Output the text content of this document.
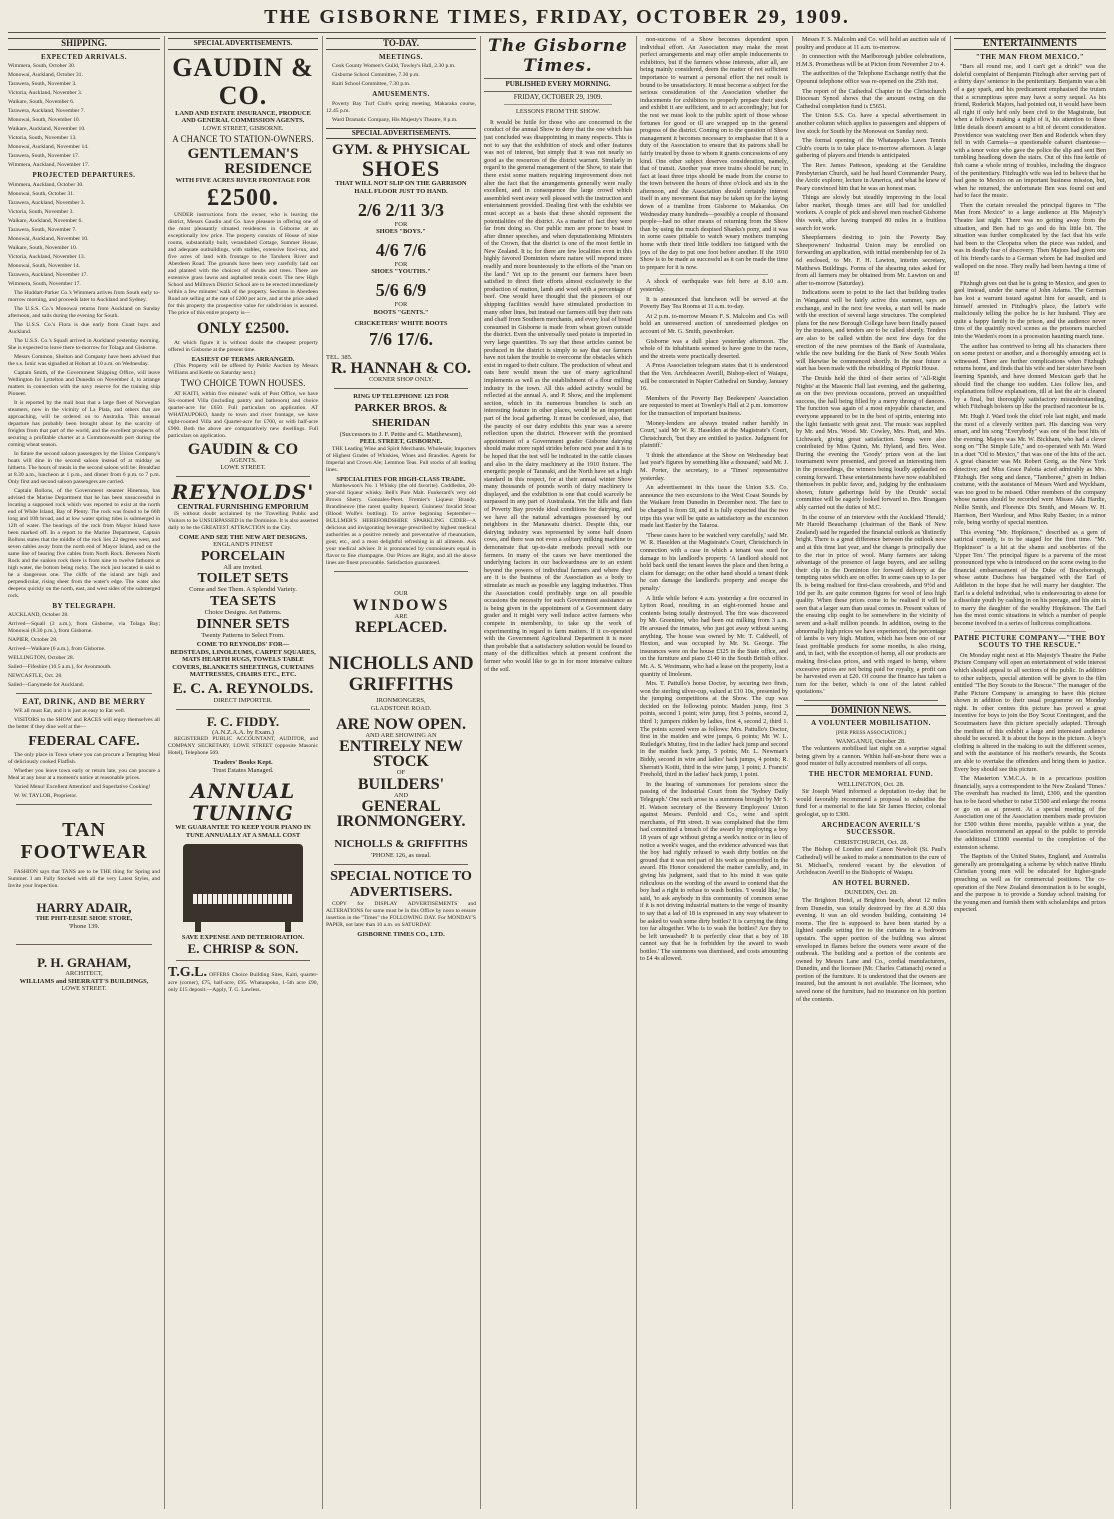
THE GISBORNE TIMES, FRIDAY, OCTOBER 29, 1909.
SHIPPING.
EXPECTED ARRIVALS.

Wimmera, South, October 30.

Monowai, Auckland, October 31.

Tarawera, South, November 3.

Victoria, Auckland, November 3.

Waikare, South, November 6.

Tarawera, Auckland, November 7.

Monowai, South, November 10.

Waikare, Auckland, November 10.

Victoria, South, November 13.

Monowai, Auckland, November 14.

Tarawera, South, November 17.

Wimmera, Auckland, November 17.

PROJECTED DEPARTURES.

Wimmera, Auckland, October 30.

Monowai, South, October 31.

Tarawera, Auckland, November 3.

Victoria, South, November 3.

Waikare, Auckland, November 6.

Tarawera, South, November 7.

Monowai, Auckland, November 10.

Waikare, South, November 10.

Victoria, Auckland, November 13.

Monowai, South, November 14.

Tarawera, Auckland, November 17.

Wimmera, South, November 17.

The Huddart-Parker Co.'s Wimmera arrives from South early to-morrow morning, and proceeds later to Auckland and Sydney.

The U.S.S. Co.'s Monowai returns from Auckland on Sunday afternoon, and sails during the evening for South.

The U.S.S. Co.'s Flora is due early from Coast bays and Auckland.

The U.S.S. Co.'s Squall arrived in Auckland yesterday morning. She is expected to leave there to-morrow for Tolaga and Gisborne.

Messrs Common, Shelton and Company have been advised that the s.s. Ionic was signalled at Hobart at 10 a.m. on Wednesday.

Captain Smith, of the Government Shipping Office, will leave Wellington for Lyttelton and Dunedin on November 4, to arrange matters in connection with the navy reserve for the training ship Pioneer.

It is reported by the mail boat that a large fleet of Norwegian steamers, now in the vicinity of La Plata, and others that are approaching, will be ordered on to Australia. This unusual departure has probably been brought about by the scarcity of freights from that part of the world, and the excellent prospects of securing a profitable charter at a Commonwealth port during the coming wheat season.

In future the second saloon passengers by the Union Company's boats will dine in the second saloon instead of at midday as hitherto. The hours of meals in the second saloon will be: Breakfast at 8.30 a.m., luncheon at 1 p.m., and dinner from 6 p.m. to 7 p.m. Only first and second saloon passengers are carried.

Captain Bollons, of the Government steamer Hinemoa, has advised the Marine Department that he has been unsuccessful in locating a supposed rock which was reported to exist at the north end of White Island, Bay of Plenty. The rock was found to be 66ft long and 10ft broad, and at low water spring tides is submerged in 12ft of water. The bearings of the rock from Mayor Island have been marked off. In a report to the Marine Department, Captain Bollons states that the middle of the rock lies 22 degrees west, and seven cables away from the north end of Mayor Island, and on the same line of bearing five cables from North Rock. Between North Rock and the sunken rock there is from nine to twelve fathoms at high water, the bottom being rocky. The rock just located is said to be a dangerous one. The cliffs of the island are high and perpendicular, rising sheer from the water's edge. The water also deepens quickly on the north, east, and west sides of the submerged rock.

BY TELEGRAPH.

AUCKLAND, October 28.

Arrived—Squall (3 a.m.), from Gisborne, via Tolaga Bay; Monowai (8.30 p.m.), from Gisborne.

NAPIER, October 28.

Arrived—Waikare (6 a.m.), from Gisborne.

WELLINGTON, October 28.

Sailed—Fifeshire (10.5 a.m.), for Avonmouth.

NEWCASTLE, Oct. 28.

Sailed—Ganymede for Auckland.

EAT, DRINK, AND BE MERRY

WE all must Eat, and it is just as easy to Eat well.

VISITORS to the SHOW and RACES will enjoy themselves all the better if they dine well at the—

FEDERAL CAFE.

The only place in Town where you can procure a Tempting Meal of deliciously cooked Flatfish.

Whether you leave town early or return late, you can procure a Meal at any hour at a moment's notice at reasonable prices.

Varied Menu! Excellent Attention! and Superlative Cooking!

W. W. TAYLOR, Proprietor.

TAN
FOOTWEAR

FASHION says that TANS are to be THE thing for Spring and Summer. I am Fully Stocked with all the very Latest Styles, and Invite your Inspection.

HARRY ADAIR,
THE PHIT-EESIE SHOE STORE,
'Phone 139.
P. H. GRAHAM,
ARCHITECT,
WILLIAMS and SHERRATT'S BUILDINGS,
LOWE STREET.
SPECIAL ADVERTISEMENTS.
GAUDIN & CO.
LAND AND ESTATE INSURANCE, PRODUCE AND GENERAL COMMISSION AGENTS.
LOWE STREET, GISBORNE.
A CHANCE TO STATION-OWNERS.
GENTLEMAN'S
RESIDENCE
WITH FIVE ACRES RIVER FRONTAGE FOR
£2500.

UNDER instructions from the owner, who is leaving the district, Messrs Gaudin and Co. have pleasure in offering one of the most pleasantly situated residences in Gisborne at an exceptionally low price. The property consists of House of nine rooms, substantially built, verandahed Cottage, Summer House, and adequate outbuildings, with stables, extensive fowl-run, and five acres of land with frontage to the Taruheru River and Aberdeen Road. The grounds have been very carefully laid out and planted with the choicest of shrubs and trees. There are extensive grass lawns and asphalted tennis court. The new High School and Milltown District School are to be erected immediately within a few minutes' walk of the property. Sections in Aberdeen Road are selling at the rate of £200 per acre, and at the price asked for this property the prospective value for subdivision is assured. The price of this entire property is—

ONLY £2500.

At which figure it is without doubt the cheapest property offered in Gisborne at the present time.

EASIEST OF TERMS ARRANGED.

(This Property will be offered by Public Auction by Messrs Williams and Kettle on Saturday next.)

TWO CHOICE TOWN HOUSES.

AT KAITI, within five minutes' walk of Post Office, we have Six-roomed Villa (including pantry and bathroom) and choice quarter-acre for £650. Full particulars on application. AT WHATAUPOKO, handy to town and river frontage, we have eight-roomed Villa and Quarter-acre for £700, or with half-acre £900. Both the above are comparatively new dwellings. Full particulars on application.

GAUDIN & CO
AGENTS.
LOWE STREET.
REYNOLDS'
CENTRAL FURNISHING EMPORIUM

IS without doubt acclaimed by the Travelling Public and Visitors to be UNSURPASSED in the Dominion. It is also asserted daily to be the GREATEST ATTRACTION in the City.

COME AND SEE THE NEW ART DESIGNS.
ENGLAND'S FINEST
PORCELAIN
All are invited.
TOILET SETS
Come and See Them. A Splendid Variety.
TEA SETS
Choice Designs. Art Patterns.
DINNER SETS
Twenty Patterns to Select From.
COME TO REYNOLDS' FOR—
BEDSTEADS, LINOLEUMS, CARPET SQUARES, MATS HEARTH RUGS, TOWELS TABLE COVERS, BLANKETS SHEETINGS, CURTAINS MATTRESSES, CHAIRS ETC., ETC.
E. C. A. REYNOLDS.
DIRECT IMPORTER.
F. C. FIDDY.
(A.N.Z.A.A. by Exam.)

REGISTERED PUBLIC ACCOUNTANT, AUDITOR, and COMPANY SECRETARY, LOWE STREET (opposite Masonic Hotel), Telephone 569.

Traders' Books Kept.
Trust Estates Managed.
ANNUAL
TUNING
WE GUARANTEE TO KEEP YOUR PIANO IN TUNE ANNUALLY AT A SMALL COST
SAVE EXPENSE AND DETERIORATION.
E. CHRISP & SON.
T.G.L. OFFERS Choice Building Sites, Kaiti, quarter-acre (corner), £75, half-acre, £95. Whataupoko, 1-5th acre £90, only £15 deposit.—Apply, T. G. Lawless.
TO-DAY.
MEETINGS.

Cook County Women's Guild, Towley's Hall, 2.30 p.m.

Gisborne School Committee, 7.30 p.m.

Kaiti School Committee, 7.30 p.m.

AMUSEMENTS.

Poverty Bay Turf Club's spring meeting, Makaraka course, 12.45 p.m.

Ward Dramatic Company, His Majesty's Theatre, 8 p.m.

SPECIAL ADVERTISEMENTS.
GYM. & PHYSICAL
SHOES
THAT WILL NOT SLIP ON THE GARRISON HALL FLOOR JUST TO HAND.
2/6 2/11 3/3
FOR
SHOES "BOYS."
4/6 7/6
FOR
SHOES "YOUTHS."
5/6 6/9
FOR
BOOTS "GENTS."
CRICKETERS' WHITE BOOTS
7/6 17/6.
TEL. 385.
R. HANNAH & CO.
CORNER SHOP ONLY.
RING UP TELEPHONE 123 FOR
PARKER BROS. & SHERIDAN
(Successors to J. F. Pettie and G. Matthewson),
PEEL STREET, GISBORNE.

THE Leading Wine and Spirit Merchants. Wholesale; Importers of Highest Grades of Whiskies, Wines and Brandies. Agents for Imperial and Crown Ale; Lemmon Teas. Full stocks of all leading lines.

SPECIALITIES FOR HIGH-CLASS TRADE.

Matthewson's No. 1 Whisky (the old favorite). Coddledon, 20-year-old liqueur whisky. Bell's Pure Malt. Funkerard's very old Brown Sherry. Gonzales-Peret. Fremier's Liqueur Brandy. Brandineuve (the rarest quality liqueur). Guinness' Invalid Stout (Blood Wolfe's bottling). To arrive beginning September—BULLMER'S HEREFORDSHIRE SPARKLING CIDER—A delicious and invigorating beverage prescribed by highest medical authorities as a positive remedy and preventative of rheumatism, gout, etc., and a most delightful refreshing in all ailments. Ask your medical adviser. It is pronounced by connoisseurs equal in flavor to fine champagne. Our Prices are Right, and all the above lines are finest procurable. Satisfaction guaranteed.

OUR
WINDOWS
ARE
REPLACED.
NICHOLLS AND GRIFFITHS
IRONMONGERS,
GLADSTONE ROAD.
ARE NOW OPEN.
AND ARE SHOWING AN
ENTIRELY NEW
STOCK
OF
BUILDERS'
AND
GENERAL
IRONMONGERY.
NICHOLLS & GRIFFITHS
'PHONE 126, as usual.
SPECIAL NOTICE TO ADVERTISERS.

COPY for DISPLAY ADVERTISEMENTS and ALTERATIONS for same must be in this Office by noon to ensure insertion in the "Times" the FOLLOWING DAY. For MONDAY'S PAPER, not later than 10 a.m. on SATURDAY.

GISBORNE TIMES CO., LTD.
The Gisborne Times.
PUBLISHED EVERY MORNING.
FRIDAY, OCTOBER 29, 1909.
LESSONS FROM THE SHOW.

It would be futile for those who are concerned in the conduct of the annual Show to deny that the one which has just concluded was disappointing in many respects. This is not to say that the exhibition of stock and other features was not of interest, but simply that it was not nearly so good as the resources of the district warrant. Similarly in regard to the general management of the Show, to state that there exist some matters requiring improvement does not alter the fact that the arrangements generally were really excellent, and in consequence the large crowd which assembled went away well pleased with the instruction and entertainment provided. Dealing first with the exhibits we must accept as a basis that these should represent the potentialities of the district. As a matter of fact they were far from doing so. Our public men are prone to boast in after dinner speeches, and when deputationising Ministers of the Crown, that the district is one of the most fertile in New Zealand. It is; for there are few localities even in this highly favored Dominion where nature will respond more readily and more bounteously to the efforts of the "man on the land." Yet up to the present our farmers have been satisfied to direct their efforts almost exclusively to the production of mutton, lamb and wool with a percentage of beef. One would have thought that the pioneers of our shipping facilities would have stimulated production in many other lines, but instead our farmers still buy their oats and chaff from Southern merchants, and every loaf of bread consumed in Gisborne is made from wheat grown outside the district. Even the universally used potato is imported in very large quantities. To say that these articles cannot be produced in the district is simply to say that our farmers have not taken the trouble to overcome the obstacles which exist in regard to their culture. The production of wheat and oats here would mean the use of many agricultural implements as well as the establishment of a flour milling industry in the town. All this added activity would be reflected at the annual A. and P. Show, and the implement section, which in its numerous branches is such an interesting feature in other places, would be an important part of the local gathering. It must be confessed, also, that the paucity of our dairy exhibits this year was a severe reflection upon the district. However with the promised appointment of a Government grader Gisborne dairying should make more rapid strides before next year and it is to be hoped that the test will be indicated in the cattle classes and also in the dairy machinery at the 1910 fixture. The energetic people of Taranaki, and the North have set a high standard in this respect, for at their annual winter Show many thousands of pounds worth of dairy machinery is displayed, and the exhibition is one that could scarcely be surpassed in any part of Australasia. Yet the hills and flats of Poverty Bay provide ideal conditions for dairying, and we have all the natural advantages possessed by our neighbors in the Manawatu district. Despite this, our dairying industry was represented by some half dozen cows, and there was not even a solitary milking machine to demonstrate that up-to-date methods prevail with our farmers. In many of the cases we have mentioned the underlying factors in our backwardness are to an extent beyond the powers of individual farmers and where they are it is the business of the Association as a body to stimulate as much as possible any lagging industries. Thus the Association could profitably urge on all possible occasions the necessity for such Government assistance as is being given in the appointment of a Government dairy grader and it might very well induce active farmers who compete in membership, to take up the work of experimenting in regard to farm matters. If it co-operated with the Government Agricultural Department it is more than probable that a satisfactory solution would be found to many of the difficulties which at present confront the farmer who would like to go in for more intensive culture of the soil.

non-success of a Show becomes dependent upon individual effort. An Association may make the most perfect arrangements and may offer ample inducements to exhibitors, but if the farmers whose interests, after all, are being mainly considered, deem the matter of not sufficient importance to warrant a personal effort the net result is bound to be unsatisfactory. It must become a subject for the serious consideration of the Association whether the inducements for exhibitors to properly prepare their stock and exhibit it are sufficient, and to act accordingly; but for the rest we must look to the public spirit of those whose fortunes for good or ill are wrapped up in the general progress of the district. Coming on to the question of Show management it becomes necessary to emphasise that it is a duty of the Association to ensure that its patrons shall be fairly treated by those to whom it grants concessions of any kind. One other subject deserves consideration, namely, that of transit. Another year more trains should be run; in fact at least three trips should be made from the course to the town between the hours of three o'clock and six in the afternoon, and the Association should certainly interest itself in any movement that may be taken up for the laying down of a tramline from Gisborne to Makaraka. On Wednesday many hundreds—possibly a couple of thousand people—had no other means of returning from the Show than by using the much despised Shanks's pony, and it was in some cases pitiable to watch weary mothers tramping home with their tired little toddlers too fatigued with the joys of the day to put one foot before another. If the 1910 Show is to be made as successful as it can be made the time to prepare for it is now.

A shock of earthquake was felt here at 8.10 a.m. yesterday.

It is announced that luncheon will be served at the Poverty Bay Tea Rooms at 11 a.m. to-day.

At 2 p.m. to-morrow Messrs F. S. Malcolm and Co. will hold an unreserved auction of unredeemed pledges on account of Mr. G. Smith, pawnbroker.

Gisborne was a dull place yesterday afternoon. The whole of its inhabitants seemed to have gone to the races, and the streets were practically deserted.

A Press Association telegram states that it is understood that the Ven. Archdeacon Averill, Bishop-elect of Waiapu, will be consecrated in Napier Cathedral on Sunday, January 16.

Members of the Poverty Bay Beekeepers' Association are requested to meet at Townley's Hall at 2 p.m. tomorrow for the transaction of important business.

'Money-lenders are always treated rather harshly in Court,' said Mr W. R. Haselden at the Magistrate's Court, Christchurch, 'but they are entitled to justice. Judgment for plaintiff.'

'I think the attendance at the Show on Wednesday beat last year's figures by something like a thousand,' said Mr. J. M. Porter, the secretary, to a 'Times' representative yesterday.

An advertisement in this issue the Union S.S. Co. announce the two excursions to the West Coast Sounds by the Waikare from Dunedin in December next. The fare to be charged is from £8, and it is fully expected that the two trips this year will be quite as satisfactory as the excursion made last Easter by the Taiaroa.

'These cases have to be watched very carefully,' said Mr. W. R. Haselden at the Magistrate's Court, Christchurch in connection with a case in which a tenant was sued for damage to his landlord's property. 'A landlord should not hold back until the tenant leaves the place and then bring a claim for damage; on the other hand should a tenant think he can damage the landlord's property and escape the penalty.'

A little while before 4 a.m. yesterday a fire occurred in Lytton Road, resulting in an eight-roomed house and contents being totally destroyed. The fire was discovered by Mr. Greentree, who had been out milking from 3 a.m. He aroused the inmates, who just got away without saving anything. The house was owned by Mr. T. Caldwell, of Hexton, and was occupied by Mr. St. George. The insurances were on the house £325 in the State office, and on the furniture and piano £140 in the South British office. Mr. A. S. Westmann, who had a lease on the property, lost a quantity of linoleum.

Mrs. T. Pattullo's horse Doctor, by securing two firsts, won the sterling silver-cup, valued at £10 10s, presented by the jumping competitions at the Show. The cup was decided on the following points: Maiden jump, first 3 points, second 1 point; wire jump, first 3 points, second 2, third 1; jumpers ridden by ladies, first 4, second 2, third 1. The points scored were as follows: Mrs. Pattullo's Doctor, first in the maiden and wire jumps, 6 points; Mr. W. L. Rutledge's Mutiny, first in the ladies' hack jump and second in the maiden hack jump, 5 points; Mr. L. Newman's Biddy, second in wire and ladies' hack jumps, 4 points; R. Sherratt's Kotiti, third in the wire jump, 1 point; J. Francis' Freehold, third in the ladies' hack jump, 1 point.

In the hearing of summonses for pensions since the passing of the Industrial Court from the 'Sydney Daily Telegraph.' One such arose in a summons brought by Mr S. H. Watson secretary of the Brewery Employees' Union against Messrs. Penfold and Co., wine and spirit merchants, of Pitt street. It was complained that the firm had committed a breach of the award by employing a boy 18 years of age without giving a week's notice or in lieu of notice a week's wages, and the evidence advanced was that the boy had rightly refused to wash dirty bottles on the ground that it was not part of his work as prescribed in the award. His Honor considered the matter carefully, and, in giving his judgment, said that to his mind it was quite ridiculous on the wording of the award to contend that the boy had a right to refuse to wash bottles. 'I would like,' he said, 'to ask anybody in this community of common sense if it is not driving industrial matters to the verge of insanity to say that a lad of 18 is expressed in any way whatever to be asked to wash some dirty bottles? It is carrying the thing too far altogether. Who is to wash the bottles? Are they to be left unwashed? It is perfectly clear that a boy of 18 cannot say that he is forbidden by the award to wash bottles.' The summons was dismissed, and costs amounting to £4 4s allowed.

Messrs F. S. Malcolm and Co. will hold an auction sale of poultry and produce at 11 a.m. to-morrow.

In connection with the Marlborough jubilee celebrations, H.M.S. Prometheus will be at Picton from November 2 to 4.

The authorities of the Telephone Exchange notify that the Opounui telephone office was re-opened on the 25th inst.

The report of the Cathedral Chapter in the Christchurch Diocesan Synod shows that the amount owing on the Cathedral completion fund is £5651.

The Union S.S. Co. have a special advertisement in another column which applies to passengers and shippers of live stock for South by the Monowai on Sunday next.

The formal opening of the Whataupoko Lawn Tennis Club's courts is to take place to-morrow afternoon. A large gathering of players and friends is anticipated.

The Rev. James Patteson, speaking at the Geraldine Presbyterian Church, said he had heard Commander Peary, the Arctic explorer, lecture in America, and what he knew of Peary convinced him that he was an honest man.

Things are slowly but steadily improving in the local labor market, though times are still bad for unskilled workers. A couple of pick and shovel men reached Gisborne this week, after having tramped 80 miles in a fruitless search for work.

Sheepfarmers desiring to join the Poverty Bay Sheepowners' Industrial Union may be enrolled on forwarding an application, with initial membership fee of 2s 6d enclosed, to Mr. F. H. Lawton, interim secretary, Matthews Buildings. Forms of the shearing rates asked for from all farmers may be obtained from Mr. Lawton on and after to-morrow (Saturday).

Indications seem to point to the fact that building trades in Wanganui will be fairly active this summer, says an exchange, and in the next few weeks, a start will be made with the erection of several large structures. The completed plans for the new Borough College have been finally passed by the trustees, and tenders are to be called shortly. Tenders are also to be called within the next few days for the erection of the new premises of the Bank of Australasia, while the new building for the Bank of New South Wales will likewise be commenced shortly. In the near future a start has been made with the rebuilding of Pipiriki House.

The Druids held the third of their series of 'All-Right Nights' at the Masonic Hall last evening, and the gathering, as on the two previous occasions, proved an unqualified success, the hall being filled by a merry throng of dancers. The function was again of a most enjoyable character, and everyone appeared to be in the best of spirits, entering into the light fantastic with great zest. The music was supplied by Mr. and Mrs. Wood. Mr. Cowley, Mrs. Pratt, and Mrs. Lichtwark, giving great satisfaction. Songs were also contributed by Miss Quinn, Mr. Hyland, and Bro. West. During the evening the 'Goody' prizes won at the last tournament were presented, and proved an interesting item in the proceedings, the winners being loudly applauded on coming forward. These entertainments have now established themselves in public favor, and, judging by the enthusiasm shown, future gatherings held by the Druids' social committee will be eagerly looked forward to. Bro. Brangam ably carried out the duties of M.C.

In the course of an interview with the Auckland 'Herald,' Mr Harold Beauchamp (chairman of the Bank of New Zealand) said he regarded the financial outlook as 'distinctly bright. There is a great difference between the outlook now and at this time last year, and the change is principally due to the rise in price of wool. Many farmers are taking advantage of the presence of large buyers, and are selling their clip in the Dominion for forward delivery at the tempting rates which are on offer. In some cases up to 1s per lb. is being realised for first-class crossbreds, and 9½d and 10d per lb. are quite common figures for wool of less high quality. When these prices come to be realised it will be seen that a larger sum than usual comes in. Present values of the ensuing clip ought to be somewhere in the vicinity of seven and a-half million pounds. In addition, owing to the abnormally high prices we have experienced, the percentage of lambs is very high. Mutton, which has been one of our least profitable products for some months, is also rising, and, in fact, with the exception of hemp, all our products are making first-class prices, and with regard to hemp, where excessive prices are not being paid for royalty, a profit can be harvested even at £20. Of course the finance has taken a turn for the better, which is one of the latest cabled quotations.'

DOMINION NEWS.
A VOLUNTEER MOBILISATION.
[PER PRESS ASSOCIATION.]
WANGANUI, October 28.

The volunteers mobilised last night on a surprise signal being given by a cannon. Within half-an-hour there was a good muster of fully accoutred members of all corps.

THE HECTOR MEMORIAL FUND.
WELLINGTON, Oct. 28.

Sir Joseph Ward informed a deputation to-day that he would favorably recommend a proposal to subsidise the fund for a memorial to the late Sir James Hector, colonial geologist, up to £300.

ARCHDEACON AVERILL'S SUCCESSOR.
CHRISTCHURCH, Oct. 28.

The Bishop of London and Canon Newbolt (St. Paul's Cathedral) will be asked to make a nomination to the cure of St. Michael's, rendered vacant by the elevation of Archdeacon Averill to the Bishopric of Waiapu.

AN HOTEL BURNED.
DUNEDIN, Oct. 28.

The Brighton Hotel, at Brighton beach, about 12 miles from Dunedin, was totally destroyed by fire at 8.30 this evening. It was an old wooden building, containing 14 rooms. The fire is supposed to have been started by a lighted candle setting fire to the curtains in a bedroom upstairs. The upper portion of the building was almost enveloped in flames before the owners were aware of the outbreak. The building and a portion of the contents are owned by Messrs Lane and Co., cordial manufacturers, Dunedin, and the licensee (Mr. Charles Cattanach) owned a portion of the furniture. It is understood that the owners are insured, but the amount is not available. The licensee, who saved none of the furniture, had no insurance on his portion of the contents.

ENTERTAINMENTS
"THE MAN FROM MEXICO."

"Bars all round me, and I can't get a drink!" was the doleful complaint of Benjamin Fitzhugh after serving part of a thirty days' sentence in the penitentiary. Benjamin was a bit of a gay spark, and his predicament emphasised the truism that a scrumptious spree may have a sorry sequel. As his friend, Roderick Majors, had pointed out, it would have been all right if only he'd only been civil to the Magistrate, but when a fellow's making a night of it, his attention to these little details doesn't amount to a bit of decent consideration. Providence was watching over Ben and Roderick when they fell in with Carmela—a questionable cabaret chanteuse—with a tenor voice who gave the police the slip and sent Ben tumbling headlong down the stairs. Out of this fine kettle of fish came a whole string of troubles, including the disgrace of the penitentiary. Fitzhugh's wife was led to believe that he had gone to Mexico on an important business mission, but, when he returned, the unfortunate Ben was found out and had to face the music.

Then the curtain revealed the principal figures in "The Man from Mexico" to a large audience at His Majesty's Theatre last night. There was no getting away from the situation, and Ben had to go and do his little bit. The situation was further complicated by the fact that his wife had been to the Cleopatra when the piece was raided, and was in deadly fear of discovery. Then Majors had given one of his friend's cards to a German whom he had insulted and walloped on the nose. They really had been having a time of it!

Fitzhugh gives out that he is going to Mexico, and goes to gaol instead, under the name of John Adams. The German has lost a warrant issued against him for assault, and is himself arrested in Fitzhugh's place, the latter's wife maliciously telling the police he is her husband. They are quite a happy family in the prison, and the audience never tires of the quaintly novel scenes as the prisoners marched into the Warden's room in a procession haunting march tune.

The author has contrived to bring all his characters there on some pretext or another, and a thoroughly amusing act is witnessed. There are further complications when Fitzhugh returns home, and finds that his wife and her sister have been learning Spanish, and have donned Mexican garb that he should find the change too sudden. Lies follow lies, and explanations follow explanations, till at last the air is cleared by a final, but thoroughly satisfactory misunderstanding, which Fitzhugh bolsters up like the practised raconteur he is.

Mr. Hugh J. Ward took the chief role last night, and made the most of a cleverly written part. His dancing was very smart, and his song "Everybody" was one of the best hits of the evening. Majors was Mr. W. Bickham, who had a clever song on "The Simple Life," and co-operated with Mr. Ward in a duet "Oil to Mexico," that was one of the hits of the act. A great character was Mr. Robert Greig, as the New York detective; and Miss Grace Palotta acted admirably as Mrs. Fitzhugh. Her song and dance, "Tamboree," given in Indian costume, with the assistance of Messrs Ward and Wyckham, was too good to be missed. Other members of the company whose names should be recorded were Misses Ada Hardie, Nellie Smith, and Florence Dix Smith, and Messrs W. H. Harrison, Bert Wardour, and Miss Ruby Baxter, in a minor role, being worthy of special mention.

This evening "Mr. Hopkinson," described as a gem of satirical comedy, is to be staged for the first time. "Mr. Hopkinson" is a hit at the shams and snobberies of the 'Upper Ten.' The principal figure is a parvenu of the most pronounced type who is introduced on the scene owing to the financial embarrassment of the Duke of Braceborough, whose astute Duchess has bargained with the Earl of Addleton in the hope that he will marry her daughter. The Earl is a doleful individual, who is endeavouring to atone for a dissolute youth by cashing in on his peerage, and his aim is to marry the daughter of the wealthy Hopkinson. The Earl has the most comic situations in which a number of people become involved in a series of ludicrous complications.

PATHE PICTURE COMPANY—"THE BOY SCOUTS TO THE RESCUE."

On Monday night next at His Majesty's Theatre the Pathe Picture Company will open an entertainment of wide interest which should appeal to all sections of the public. In addition to other subjects, special attention will be given to the film entitled "The Boy Scouts to the Rescue." The manager of the Pathe Picture Company is arranging to have this picture shown in addition to their usual programme on Monday night. In other centres this picture has proved a great incentive for boys to join the Boy Scout Contingent, and the Scoutmasters have this picture specially adapted. Through the medium of this exhibit a large and interested audience should be secured. It is about the boys in the picture. A boy's clothing is altered in the making to suit the different scenes, and with the assistance of his mother's rewards, the Scouts are able to overtake the offenders and bring them to justice. Every boy should see this picture.

The Masterton Y.M.C.A. is in a precarious position financially, says a correspondent to the New Zealand 'Times.' The overdraft has reached its limit, £300, and the question has to be faced whether to raise £1500 and enlarge the rooms or go on as at present. At a special meeting of the Association one of the Association members made provision for £500 within three months, payable within a year, the Association recommend an appeal to the public to provide the additional £1000 essential to the completion of the extension scheme.

The Baptists of the United States, England, and Australia generally are promulgating a scheme by which native Hindu Christian young men will be educated for higher-grade preaching as well as for commercial positions. The co-operation of the New Zealand denomination is to be sought, and the purpose is to provide a Sunday school training for the young men and furnish them with scholarships and prizes expected.
